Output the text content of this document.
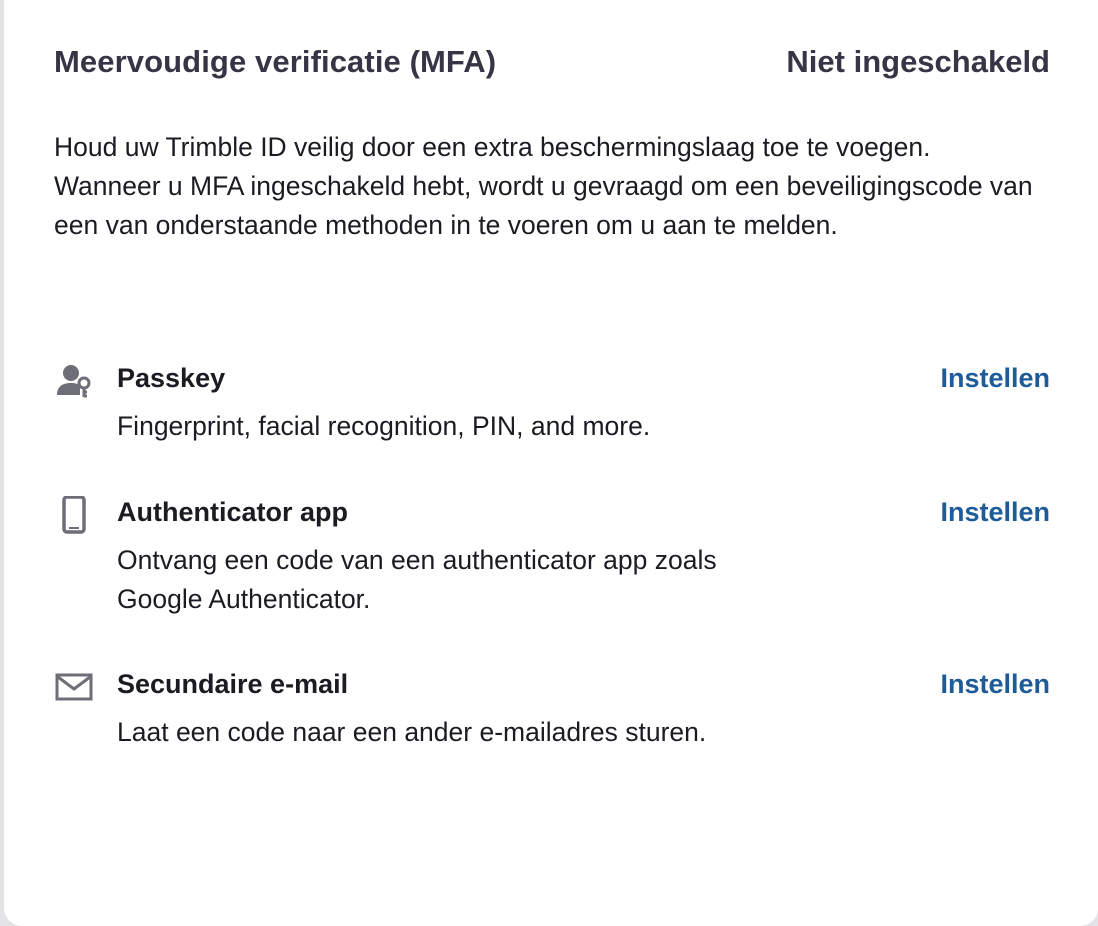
Meervoudige verificatie (MFA)	Niet ingeschakeld

Houd uw Trimble ID veilig door een extra beschermingslaag toe te voegen. Wanneer u MFA ingeschakeld hebt, wordt u gevraagd om een beveiligingscode van een van onderstaande methoden in te voeren om u aan te melden.

Passkey
Fingerprint, facial recognition, PIN, and more.
Instellen
Authenticator app
Ontvang een code van een authenticator app zoals Google Authenticator.
Instellen
Secundaire e-mail
Laat een code naar een ander e-mailadres sturen.
Instellen
